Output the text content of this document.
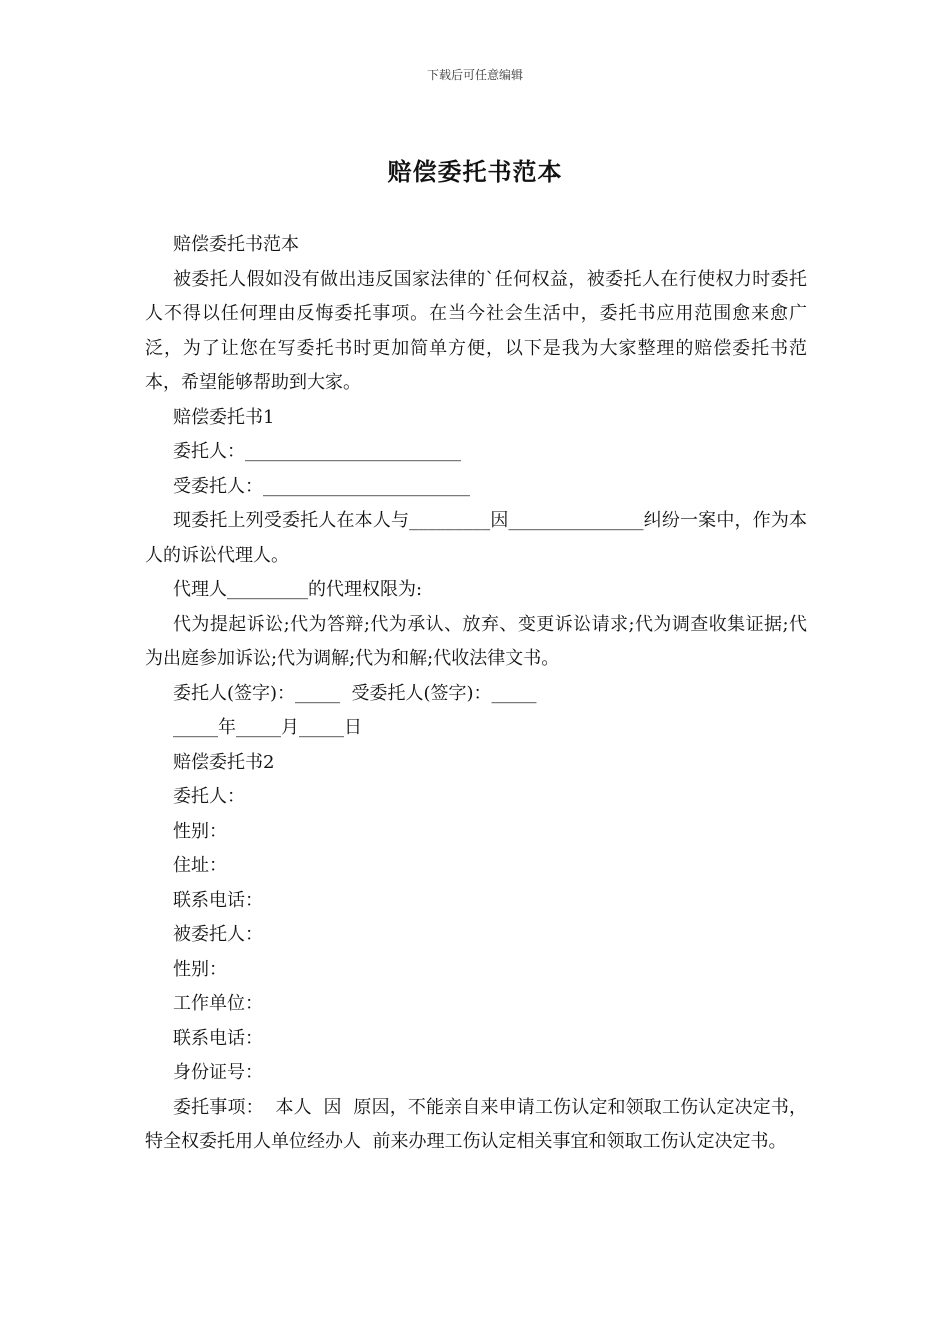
下载后可任意编辑
赔偿委托书范本

赔偿委托书范本

被委托人假如没有做出违反国家法律的`任何权益，被委托人在行使权力时委托人不得以任何理由反悔委托事项。在当今社会生活中，委托书应用范围愈来愈广泛，为了让您在写委托书时更加简单方便，以下是我为大家整理的赔偿委托书范本，希望能够帮助到大家。

赔偿委托书1

委托人：________________________

受委托人：_______________________

现委托上列受委托人在本人与_________因_______________纠纷一案中，作为本人的诉讼代理人。

代理人_________的代理权限为:

代为提起诉讼;代为答辩;代为承认、放弃、变更诉讼请求;代为调查收集证据;代为出庭参加诉讼;代为调解;代为和解;代收法律文书。

委托人(签字)：_____  受委托人(签字)：_____

_____年_____月_____日

赔偿委托书2

委托人：

性别：

住址：

联系电话：

被委托人：

性别：

工作单位：

联系电话：

身份证号：

委托事项：  本人  因  原因，不能亲自来申请工伤认定和领取工伤认定决定书，特全权委托用人单位经办人  前来办理工伤认定相关事宜和领取工伤认定决定书。
